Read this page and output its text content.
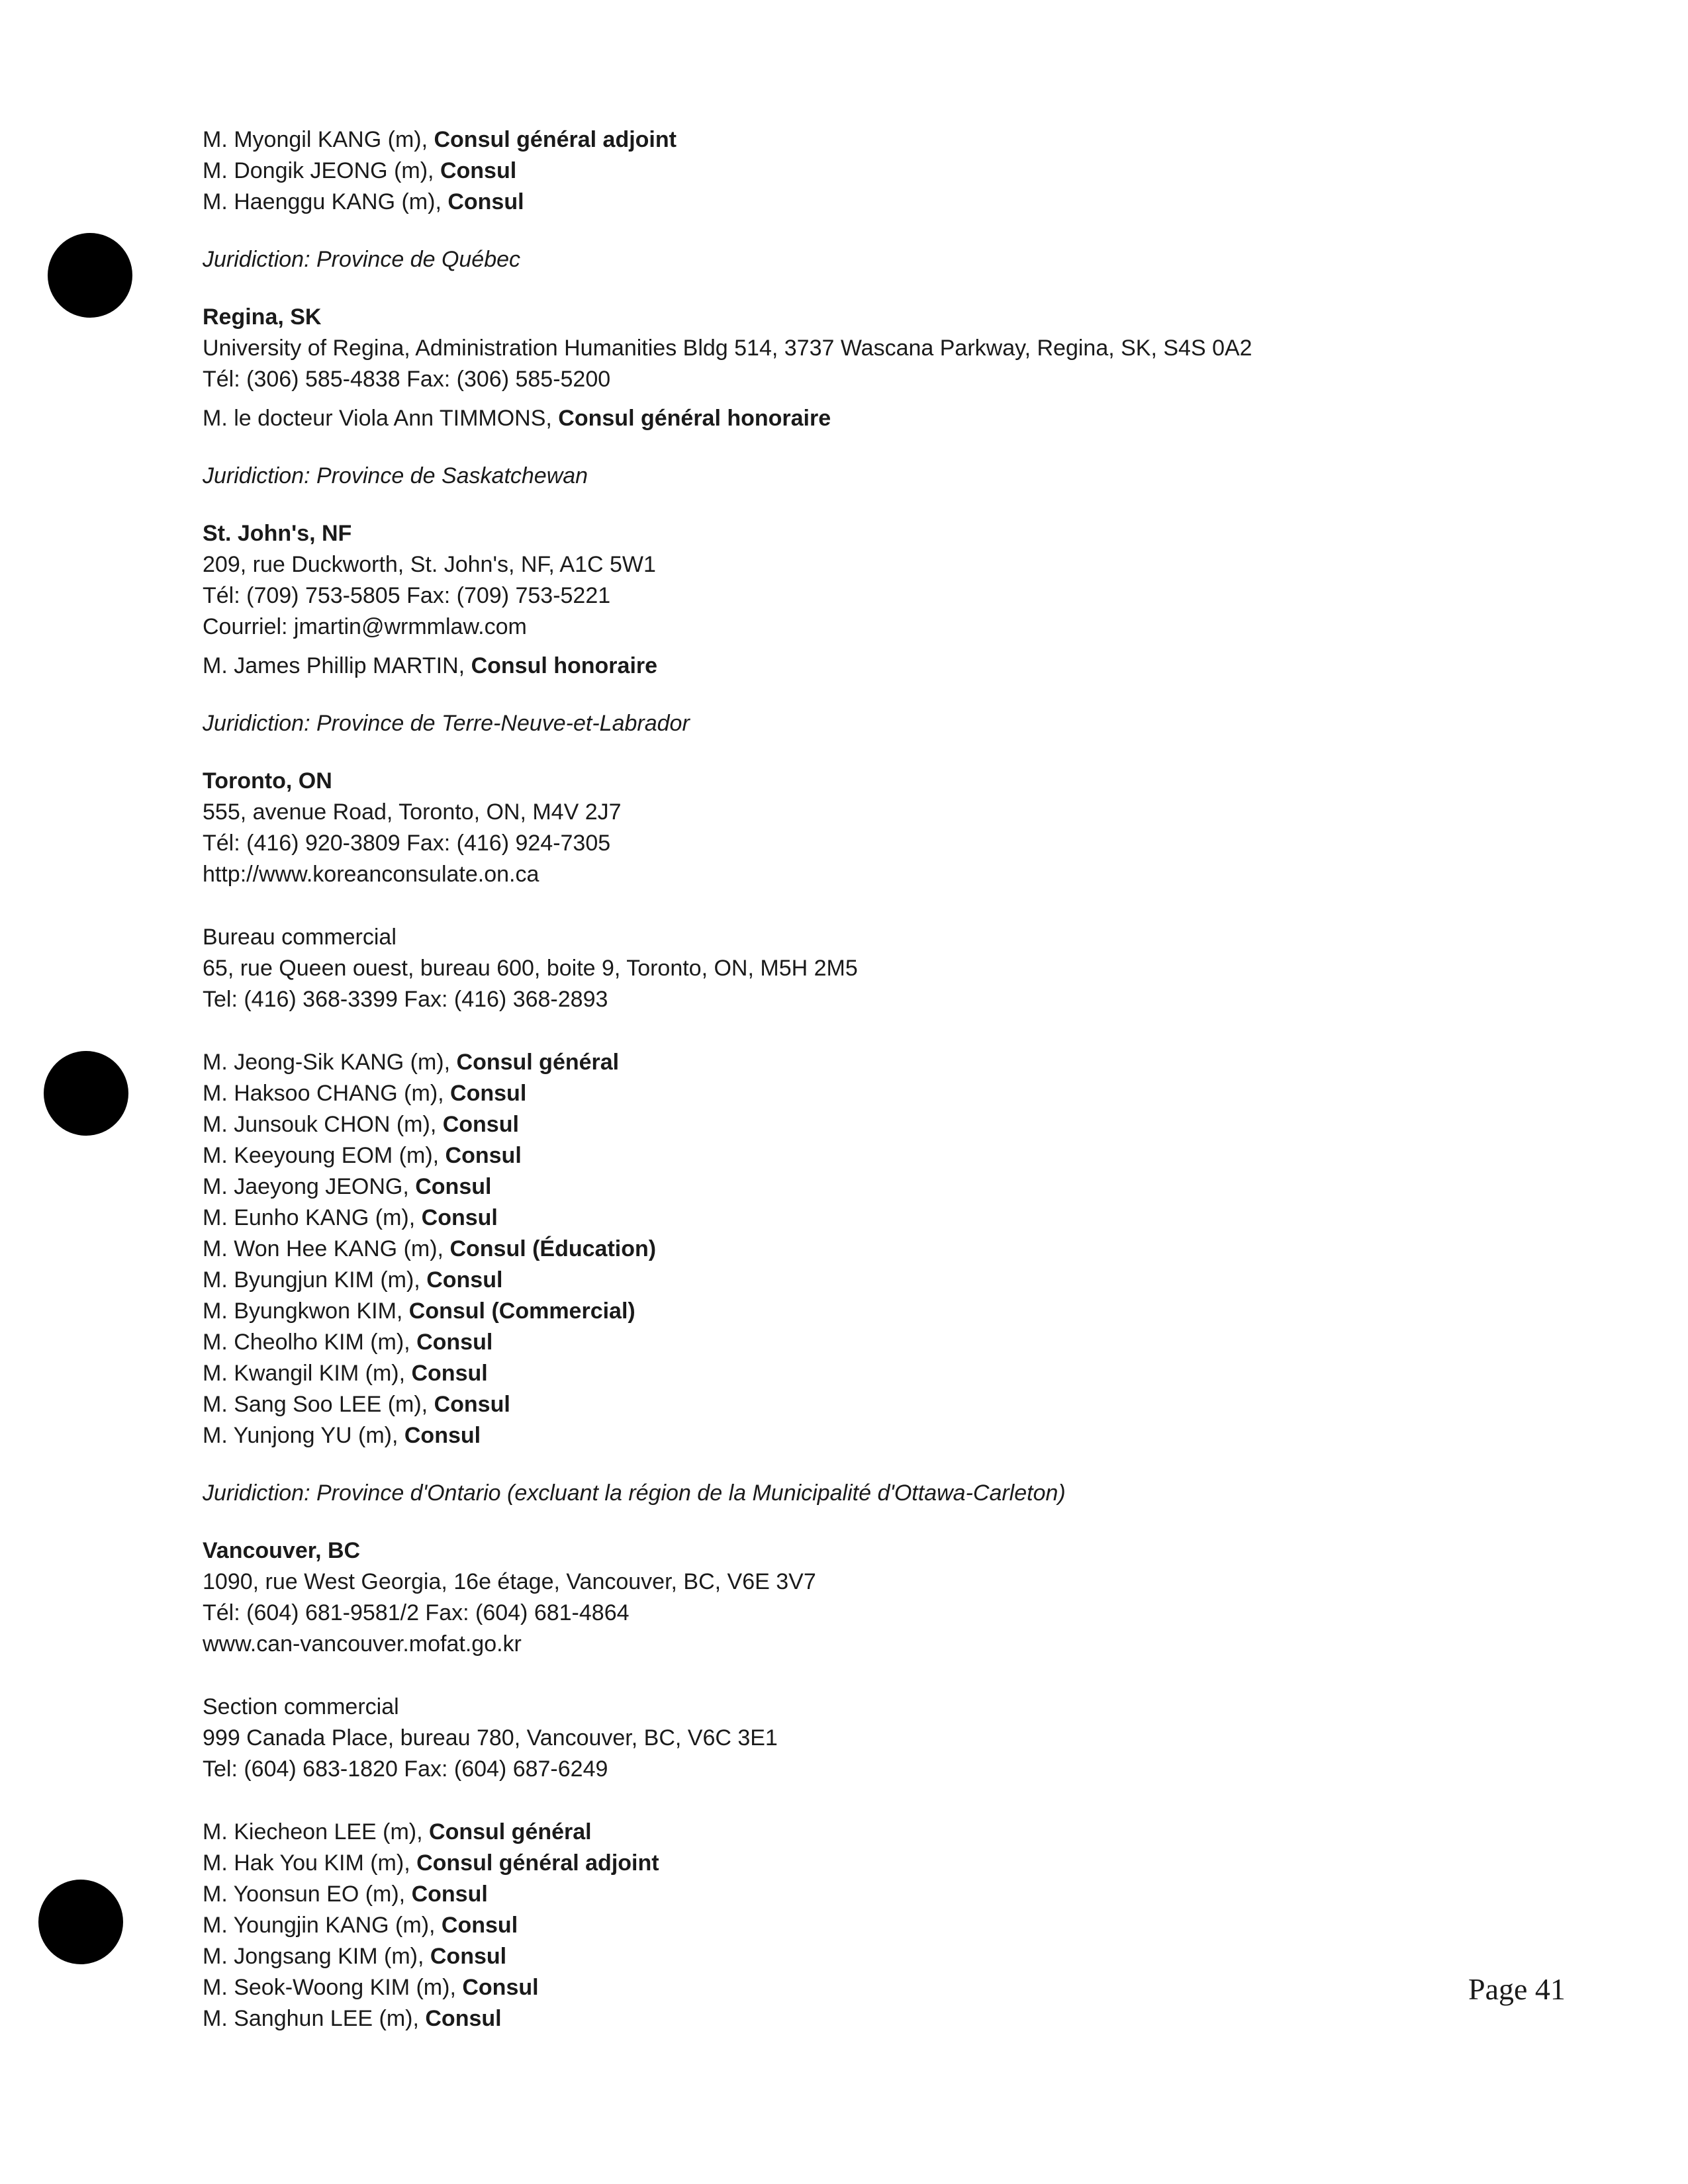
M. Myongil KANG (m), Consul général adjoint
M. Dongik JEONG (m), Consul
M. Haenggu KANG (m), Consul
Juridiction: Province de Québec
Regina, SK
University of Regina, Administration Humanities Bldg 514, 3737 Wascana Parkway, Regina, SK, S4S 0A2
Tél: (306) 585-4838 Fax: (306) 585-5200
M. le docteur Viola Ann TIMMONS, Consul général honoraire
Juridiction: Province de Saskatchewan
St. John's, NF
209, rue Duckworth, St. John's, NF, A1C 5W1
Tél: (709) 753-5805 Fax: (709) 753-5221
Courriel: jmartin@wrmmlaw.com
M. James Phillip MARTIN, Consul honoraire
Juridiction: Province de Terre-Neuve-et-Labrador
Toronto, ON
555, avenue Road, Toronto, ON, M4V 2J7
Tél: (416) 920-3809 Fax: (416) 924-7305
http://www.koreanconsulate.on.ca
Bureau commercial
65, rue Queen ouest, bureau 600, boite 9, Toronto, ON, M5H 2M5
Tel: (416) 368-3399 Fax: (416) 368-2893
M. Jeong-Sik KANG (m), Consul général
M. Haksoo CHANG (m), Consul
M. Junsouk CHON (m), Consul
M. Keeyoung EOM (m), Consul
M. Jaeyong JEONG, Consul
M. Eunho KANG (m), Consul
M. Won Hee KANG (m), Consul (Éducation)
M. Byungjun KIM (m), Consul
M. Byungkwon KIM, Consul (Commercial)
M. Cheolho KIM (m), Consul
M. Kwangil KIM (m), Consul
M. Sang Soo LEE (m), Consul
M. Yunjong YU (m), Consul
Juridiction: Province d'Ontario (excluant la région de la Municipalité d'Ottawa-Carleton)
Vancouver, BC
1090, rue West Georgia, 16e étage, Vancouver, BC, V6E 3V7
Tél: (604) 681-9581/2 Fax: (604) 681-4864
www.can-vancouver.mofat.go.kr
Section commercial
999 Canada Place, bureau 780, Vancouver, BC, V6C 3E1
Tel: (604) 683-1820 Fax: (604) 687-6249
M. Kiecheon LEE (m), Consul général
M. Hak You KIM (m), Consul général adjoint
M. Yoonsun EO (m), Consul
M. Youngjin KANG (m), Consul
M. Jongsang KIM (m), Consul
M. Seok-Woong KIM (m), Consul
M. Sanghun LEE (m), Consul
Page 41
